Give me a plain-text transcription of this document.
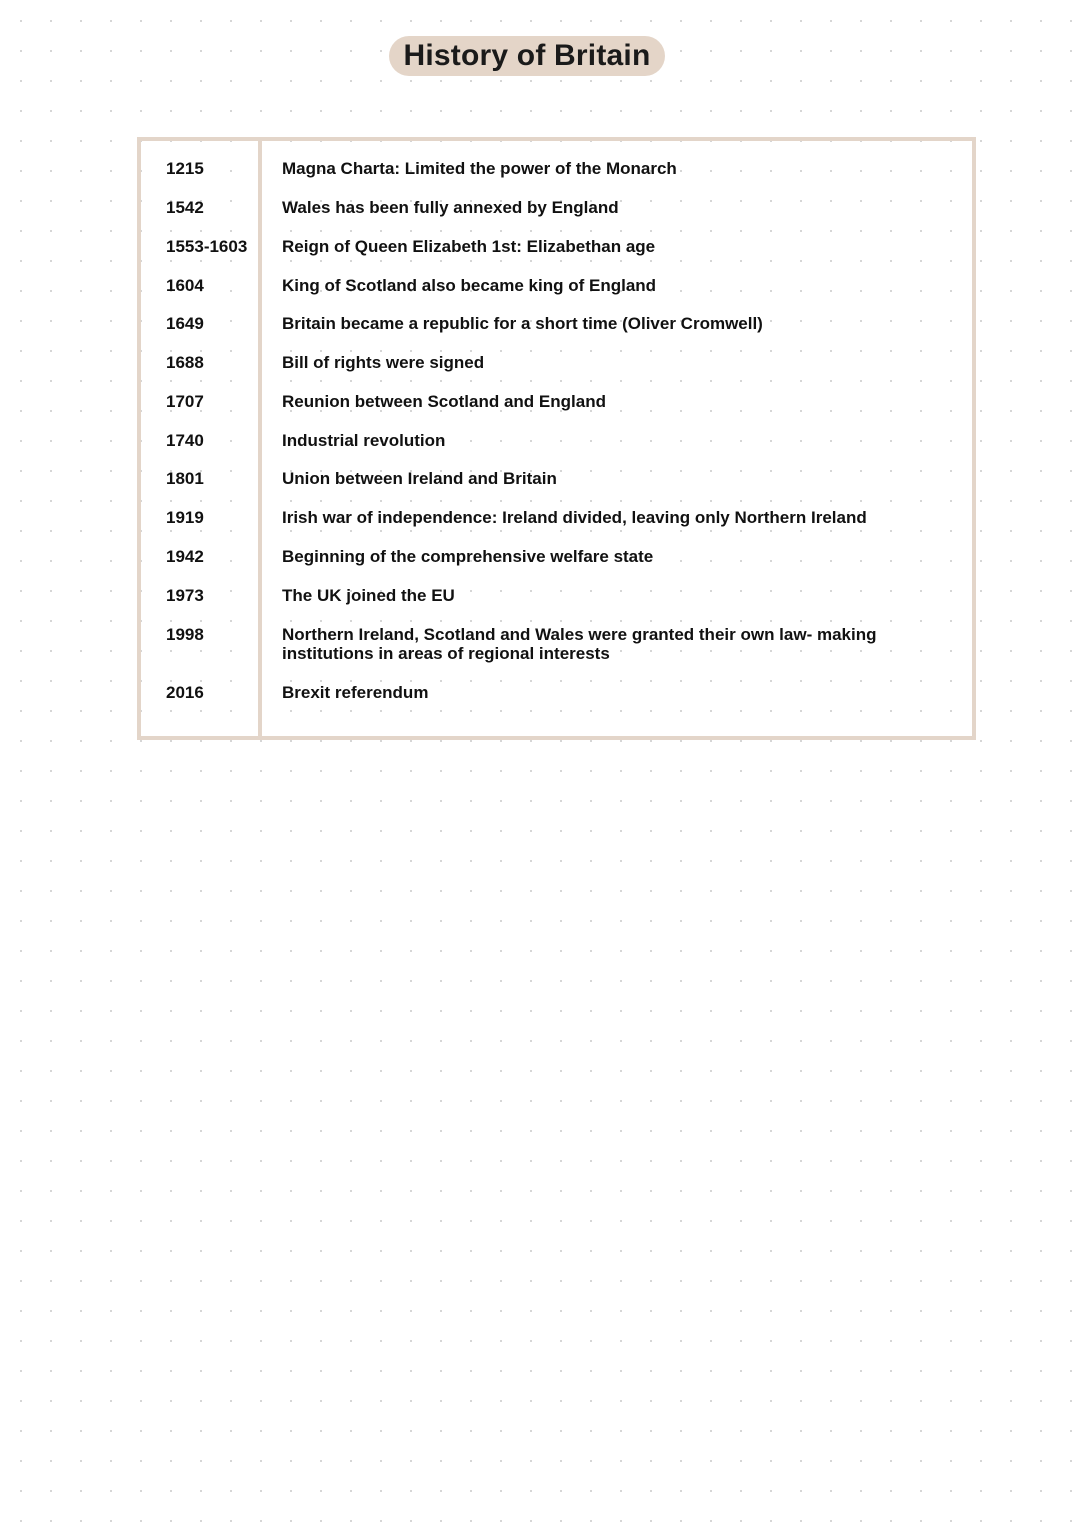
History of Britain
1215	Magna Charta: Limited the power of the Monarch
1542	Wales has been fully annexed by England
1553-1603 Reign of Queen Elizabeth 1st: Elizabethan age
1604	King of Scotland also became king of England
1649	Britain became a republic for a short time (Oliver Cromwell)
1688	Bill of rights were signed
1707	Reunion between Scotland and England
1740	Industrial revolution
1801	Union between Ireland and Britain
1919	Irish war of independence: Ireland divided, leaving only Northern Ireland
1942	Beginning of the comprehensive welfare state
1973	The UK joined the EU
1998	Northern Ireland, Scotland and Wales were granted their own law- making institutions in areas of regional interests
2016	Brexit referendum
